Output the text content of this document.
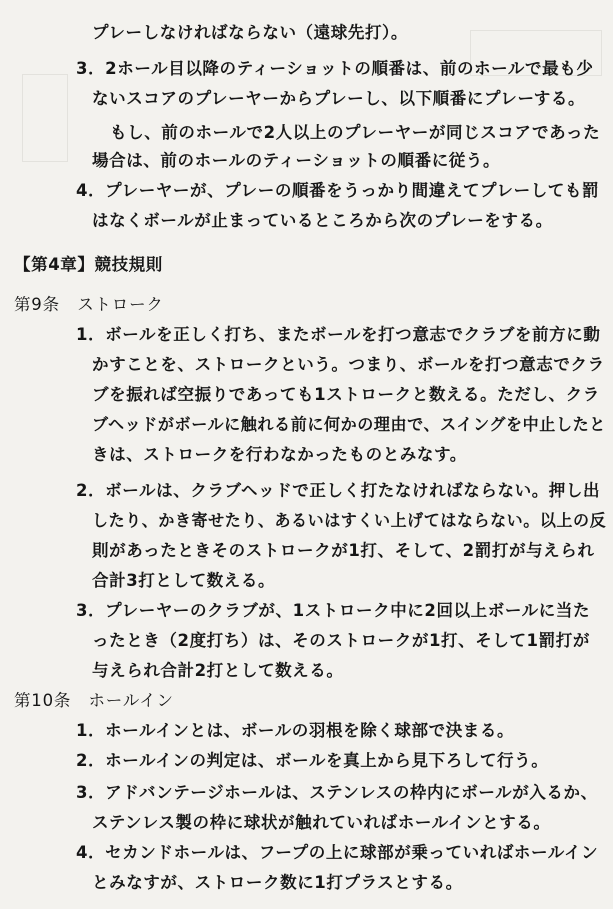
プレーしなければならない（遠球先打）。
3．2ホール目以降のティーショットの順番は、前のホールで最も少
ないスコアのプレーヤーからプレーし、以下順番にプレーする。
もし、前のホールで2人以上のプレーヤーが同じスコアであった
場合は、前のホールのティーショットの順番に従う。
4．プレーヤーが、プレーの順番をうっかり間違えてプレーしても罰
はなくボールが止まっているところから次のプレーをする。
【第4章】競技規則
第9条　ストローク
1．ボールを正しく打ち、またボールを打つ意志でクラブを前方に動
かすことを、ストロークという。つまり、ボールを打つ意志でクラ
ブを振れば空振りであっても1ストロークと数える。ただし、クラ
ブヘッドがボールに触れる前に何かの理由で、スイングを中止したと
きは、ストロークを行わなかったものとみなす。
2．ボールは、クラブヘッドで正しく打たなければならない。押し出
したり、かき寄せたり、あるいはすくい上げてはならない。以上の反
則があったときそのストロークが1打、そして、2罰打が与えられ
合計3打として数える。
3．プレーヤーのクラブが、1ストローク中に2回以上ボールに当た
ったとき（2度打ち）は、そのストロークが1打、そして1罰打が
与えられ合計2打として数える。
第10条　ホールイン
1．ホールインとは、ボールの羽根を除く球部で決まる。
2．ホールインの判定は、ボールを真上から見下ろして行う。
3．アドバンテージホールは、ステンレスの枠内にボールが入るか、
ステンレス製の枠に球状が触れていればホールインとする。
4．セカンドホールは、フープの上に球部が乗っていればホールイン
とみなすが、ストローク数に1打プラスとする。
